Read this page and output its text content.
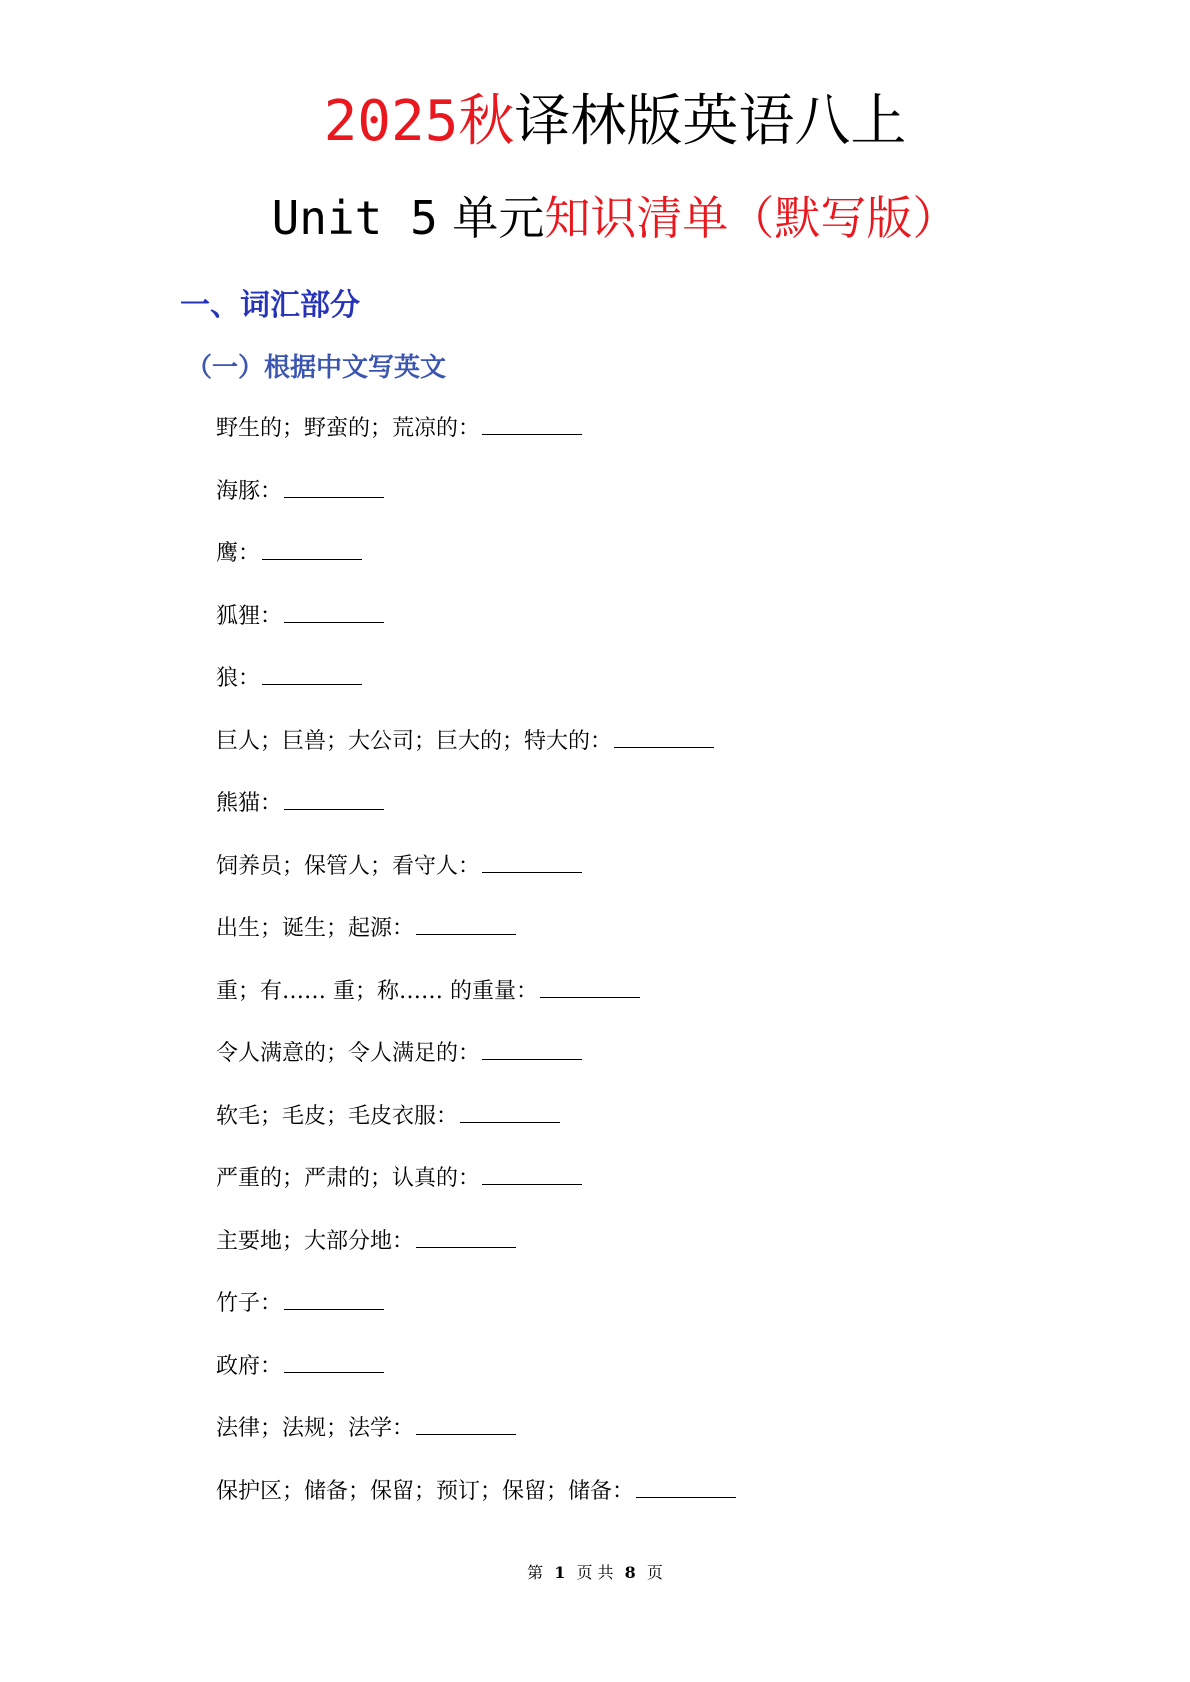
2025秋译林版英语八上
Unit 5 单元知识清单（默写版）
一、词汇部分
（一）根据中文写英文
野生的；野蛮的；荒凉的：
海豚：
鹰：
狐狸：
狼：
巨人；巨兽；大公司；巨大的；特大的：
熊猫：
饲养员；保管人；看守人：
出生；诞生；起源：
重；有…… 重；称…… 的重量：
令人满意的；令人满足的：
软毛；毛皮；毛皮衣服：
严重的；严肃的；认真的：
主要地；大部分地：
竹子：
政府：
法律；法规；法学：
保护区；储备；保留；预订；保留；储备：
第 1 页 共 8 页
